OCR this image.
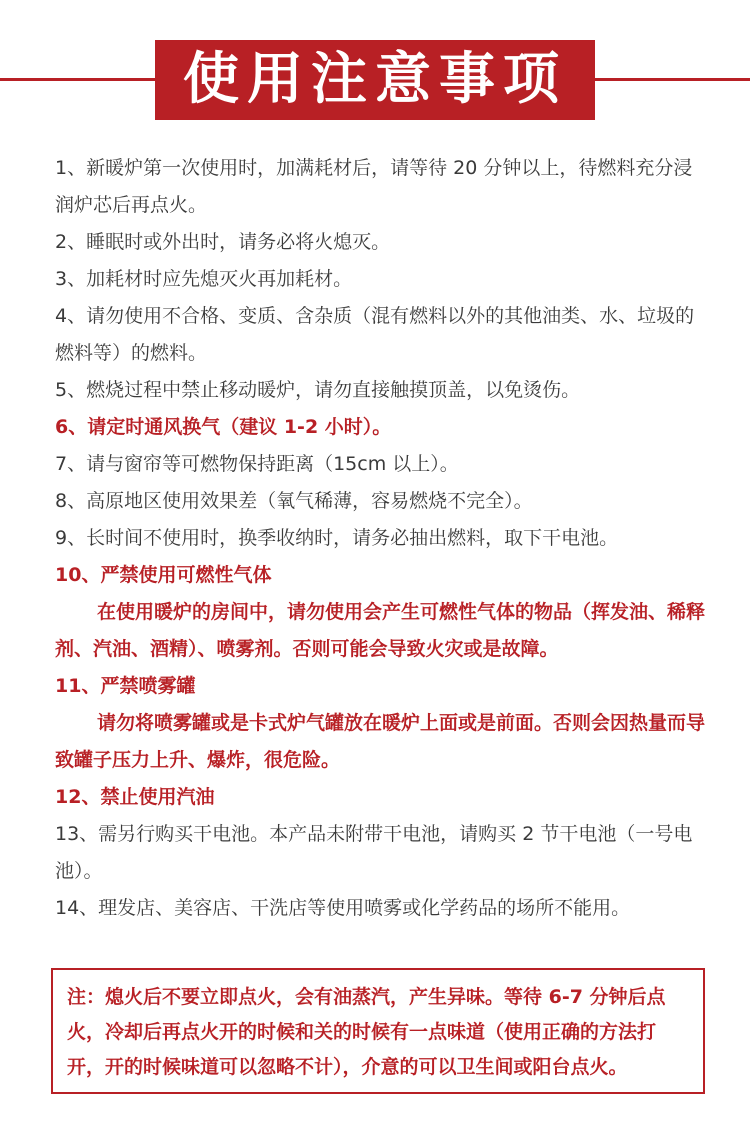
使用注意事项

1、新暖炉第一次使用时，加满耗材后，请等待 20 分钟以上，待燃料充分浸润炉芯后再点火。

2、睡眠时或外出时，请务必将火熄灭。

3、加耗材时应先熄灭火再加耗材。

4、请勿使用不合格、变质、含杂质（混有燃料以外的其他油类、水、垃圾的燃料等）的燃料。

5、燃烧过程中禁止移动暖炉，请勿直接触摸顶盖，以免烫伤。

6、请定时通风换气（建议 1-2 小时）。

7、请与窗帘等可燃物保持距离（15cm 以上）。

8、高原地区使用效果差（氧气稀薄，容易燃烧不完全）。

9、长时间不使用时，换季收纳时，请务必抽出燃料，取下干电池。

10、严禁使用可燃性气体

在使用暖炉的房间中，请勿使用会产生可燃性气体的物品（挥发油、稀释剂、汽油、酒精）、喷雾剂。否则可能会导致火灾或是故障。

11、严禁喷雾罐

请勿将喷雾罐或是卡式炉气罐放在暖炉上面或是前面。否则会因热量而导致罐子压力上升、爆炸，很危险。

12、禁止使用汽油

13、需另行购买干电池。本产品未附带干电池，请购买 2 节干电池（一号电池）。

14、理发店、美容店、干洗店等使用喷雾或化学药品的场所不能用。

注：熄火后不要立即点火，会有油蒸汽，产生异味。等待 6-7 分钟后点火，冷却后再点火开的时候和关的时候有一点味道（使用正确的方法打开，开的时候味道可以忽略不计），介意的可以卫生间或阳台点火。
